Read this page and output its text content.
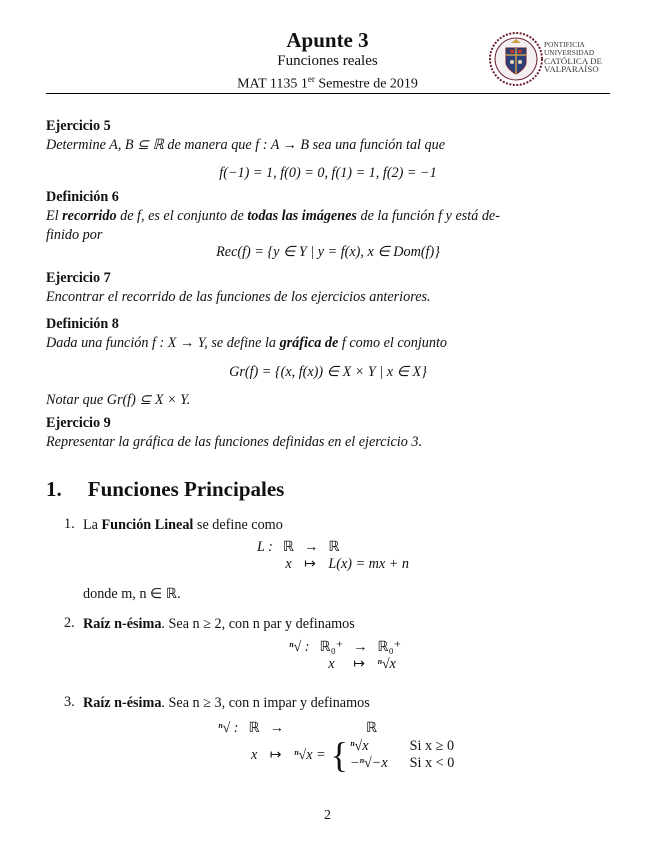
Apunte 3
Funciones reales
MAT 1135 1er Semestre de 2019
PONTIFICIA
UNIVERSIDAD
CATÓLICA DE
VALPARAÍSO
Ejercicio 5
Determine A, B ⊆ ℝ de manera que f : A → B sea una función tal que
f(−1) = 1, f(0) = 0, f(1) = 1, f(2) = −1
Definición 6
El recorrido de f, es el conjunto de todas las imágenes de la función f y está de-
finido por
Rec(f) = {y ∈ Y | y = f(x), x ∈ Dom(f)}
Ejercicio 7
Encontrar el recorrido de las funciones de los ejercicios anteriores.
Definición 8
Dada una función f : X → Y, se define la gráfica de f como el conjunto
Gr(f) = {(x, f(x)) ∈ X × Y | x ∈ X}
Notar que Gr(f) ⊆ X × Y.
Ejercicio 9
Representar la gráfica de las funciones definidas en el ejercicio 3.
1. Funciones Principales
1. La Función Lineal se define como
L :	ℝ	→	ℝ
	x	↦	L(x) = mx + n
donde m, n ∈ ℝ.
2. Raíz n-ésima. Sea n ≥ 2, con n par y definamos
ⁿ√ :	ℝ₀⁺	→	ℝ₀⁺
	x	↦	ⁿ√x
3. Raíz n-ésima. Sea n ≥ 3, con n impar y definamos
ⁿ√ :	ℝ	→	ℝ
	x	↦	ⁿ√x =	{ ⁿ√x	Si x ≥ 0
−ⁿ√−x	Si x < 0
2
